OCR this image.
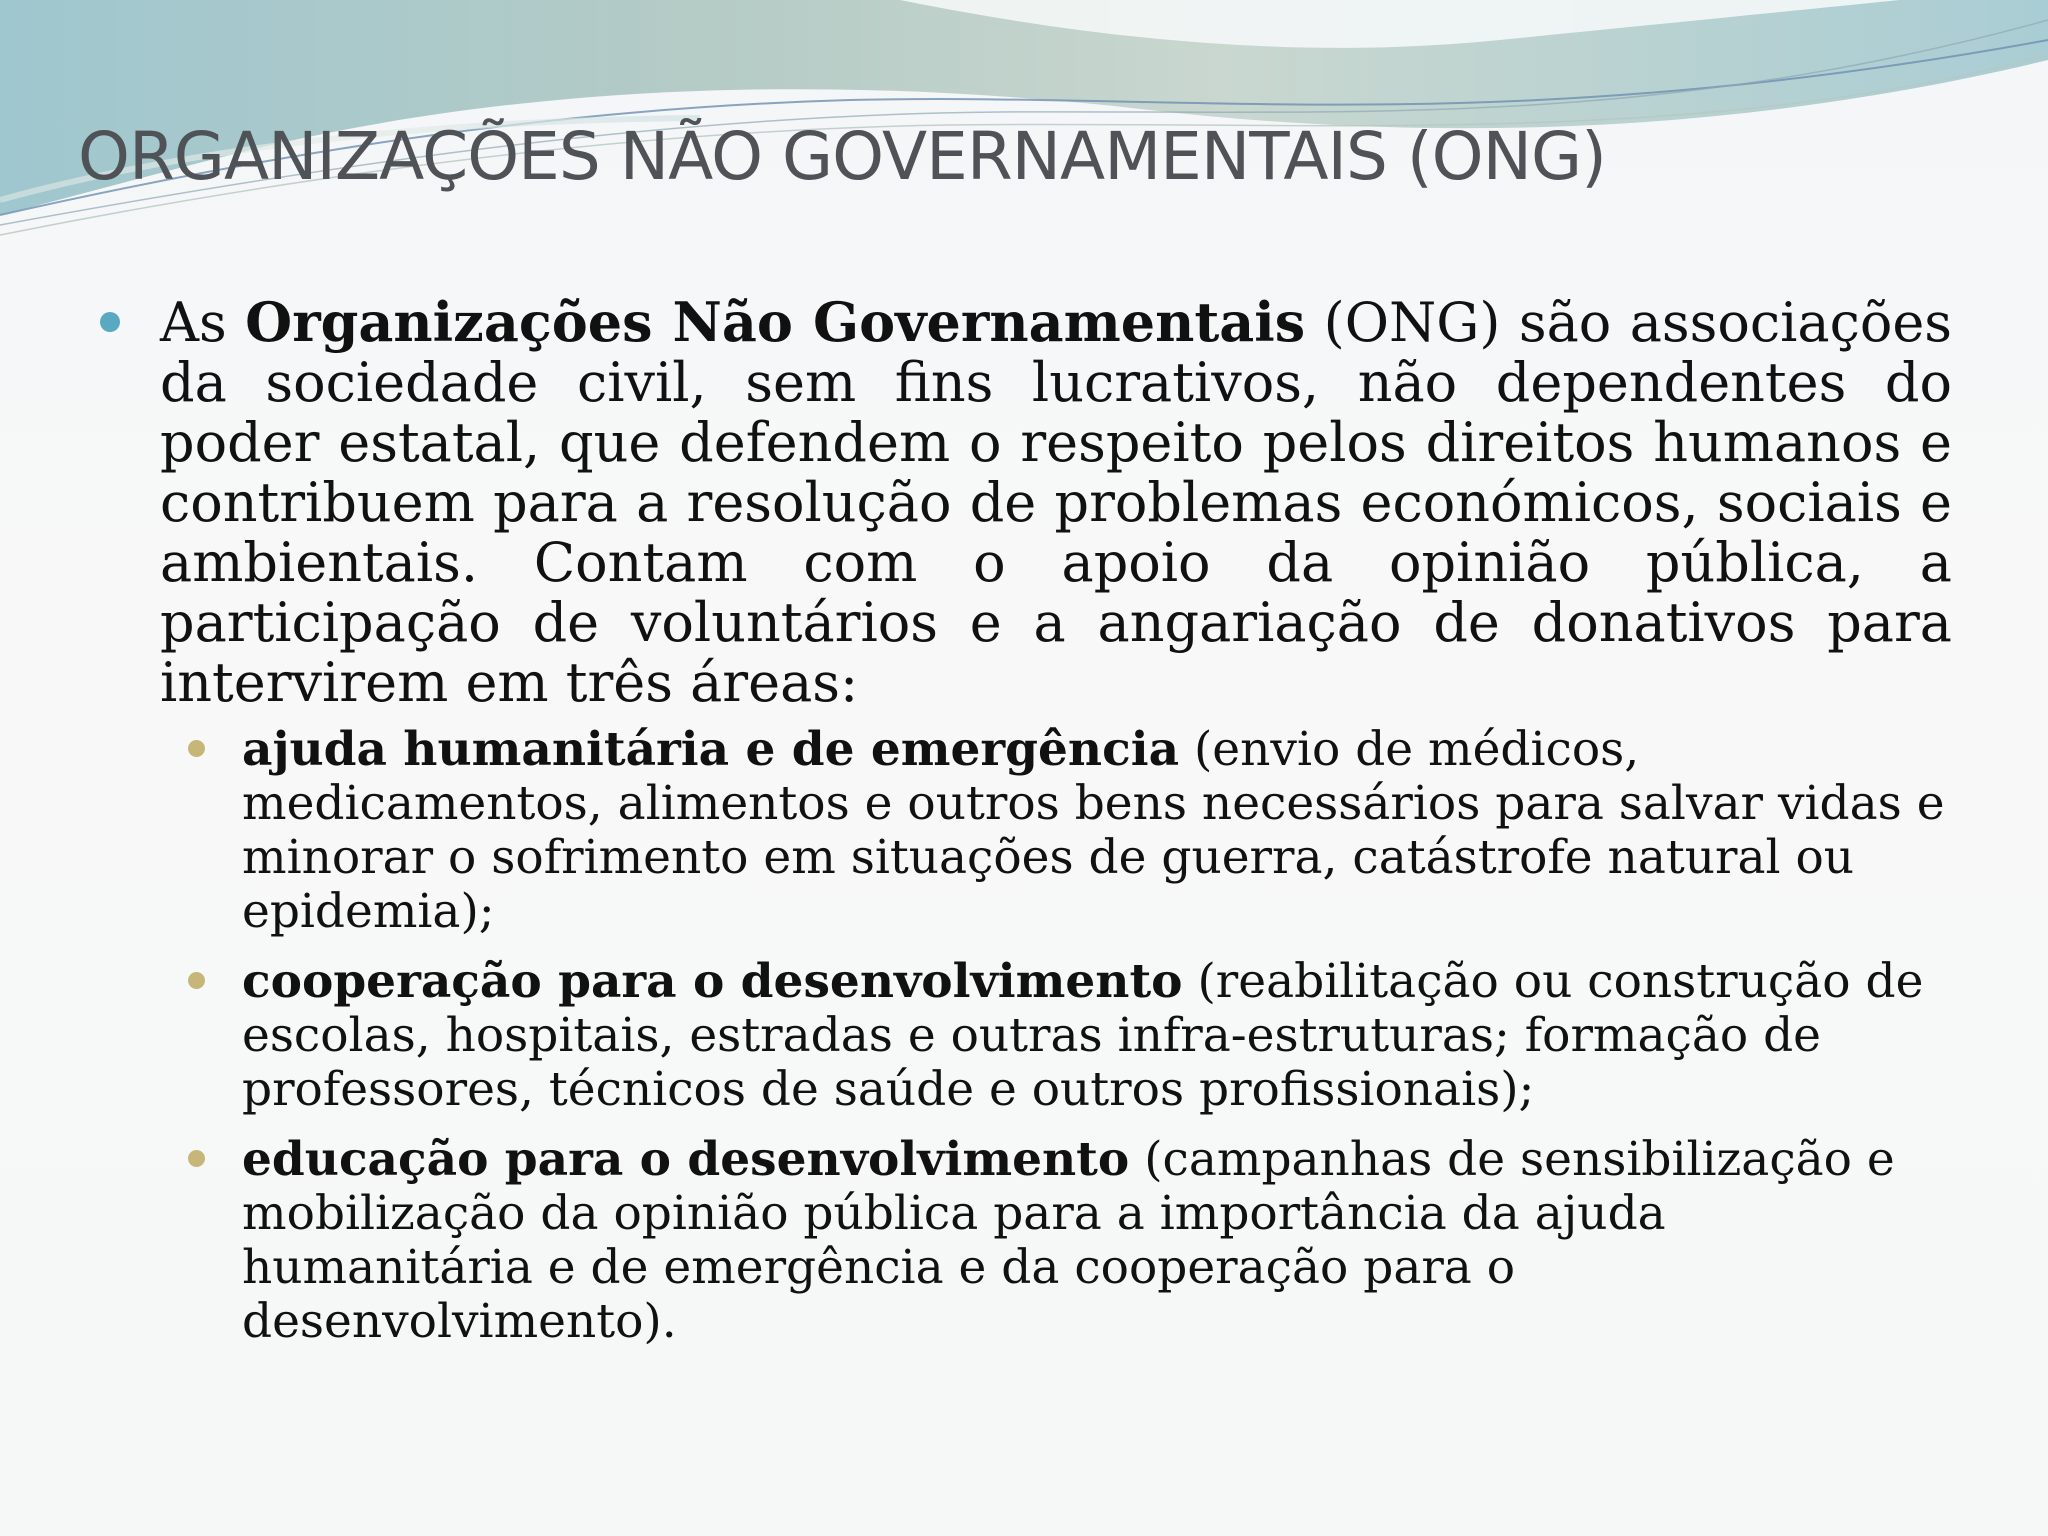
ORGANIZAÇÕES NÃO GOVERNAMENTAIS (ONG)
As Organizações Não Governamentais (ONG) são associações da sociedade civil, sem fins lucrativos, não dependentes do poder estatal, que defendem o respeito pelos direitos humanos e contribuem para a resolução de problemas económicos, sociais e ambientais. Contam com o apoio da opinião pública, a participação de voluntários e a angariação de donativos para intervirem em três áreas:
ajuda humanitária e de emergência (envio de médicos, medicamentos, alimentos e outros bens necessários para salvar vidas e minorar o sofrimento em situações de guerra, catástrofe natural ou epidemia);
cooperação para o desenvolvimento (reabilitação ou construção de escolas, hospitais, estradas e outras infra-estruturas; formação de professores, técnicos de saúde e outros profissionais);
educação para o desenvolvimento (campanhas de sensibilização e mobilização da opinião pública para a importância da ajuda humanitária e de emergência e da cooperação para o desenvolvimento).
